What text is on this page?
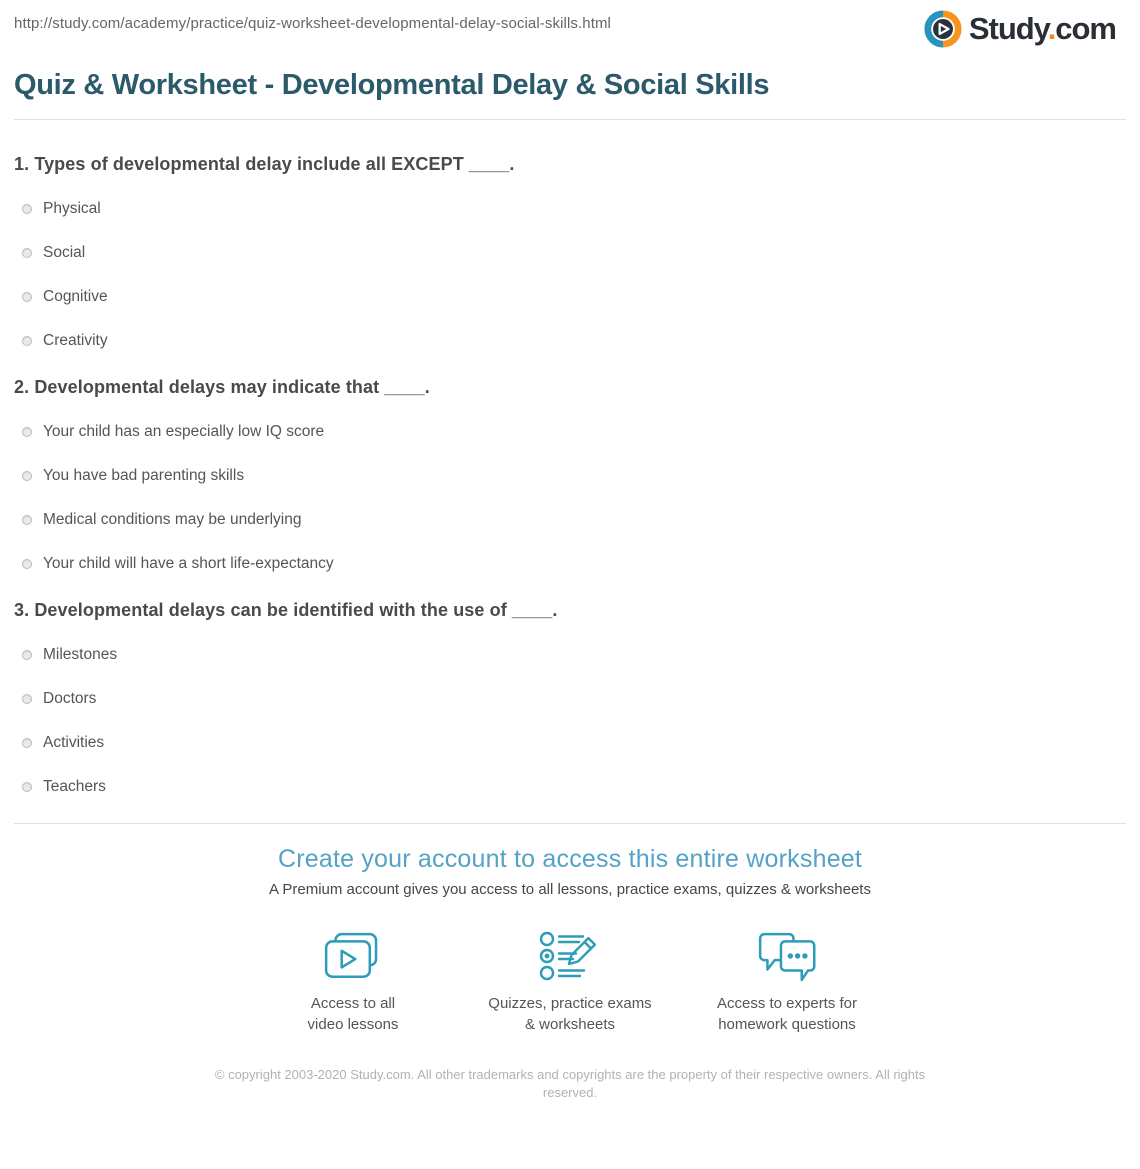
http://study.com/academy/practice/quiz-worksheet-developmental-delay-social-skills.html	Study.com
Quiz & Worksheet - Developmental Delay & Social Skills
1. Types of developmental delay include all EXCEPT ____.
Physical
Social
Cognitive
Creativity
2. Developmental delays may indicate that ____.
Your child has an especially low IQ score
You have bad parenting skills
Medical conditions may be underlying
Your child will have a short life-expectancy
3. Developmental delays can be identified with the use of ____.
Milestones
Doctors
Activities
Teachers
Create your account to access this entire worksheet

A Premium account gives you access to all lessons, practice exams, quizzes & worksheets

Access to all
video lessons
Quizzes, practice exams
& worksheets
Access to experts for
homework questions

© copyright 2003-2020 Study.com. All other trademarks and copyrights are the property of their respective owners. All rights reserved.
